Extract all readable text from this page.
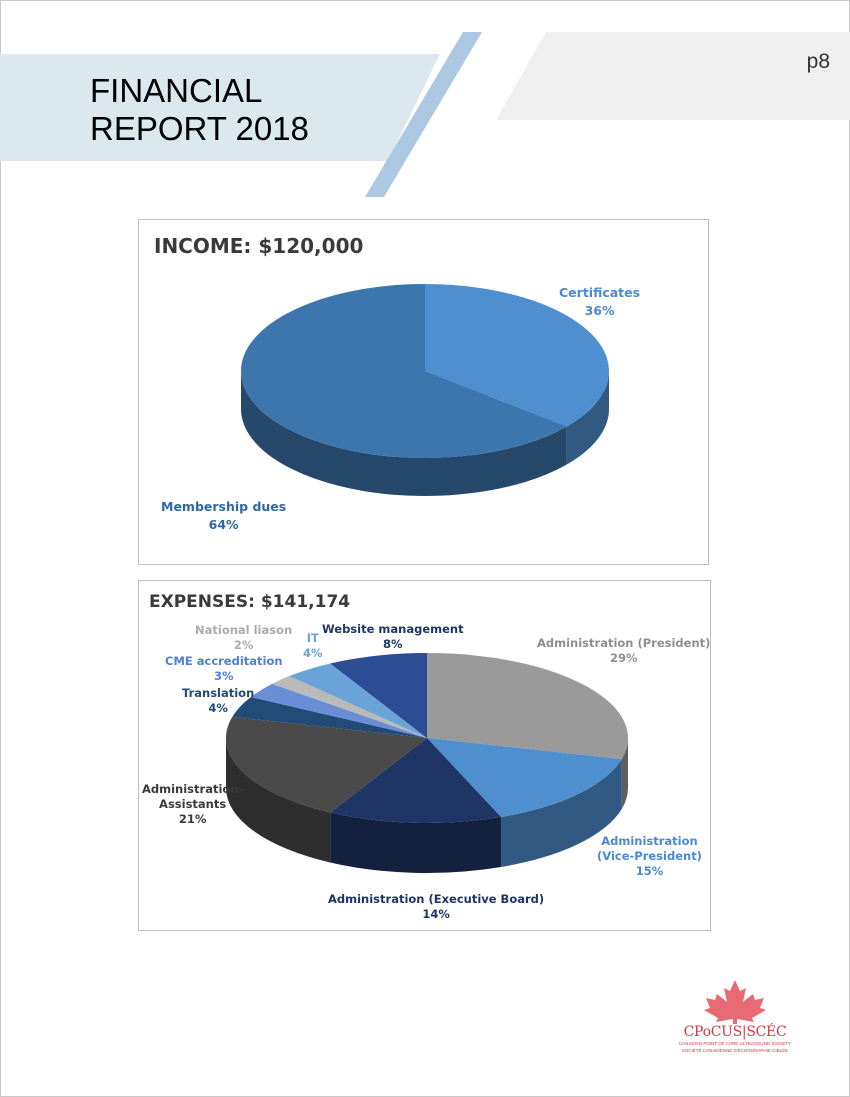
FINANCIAL
REPORT 2018
p8
INCOME: $120,000
Certificates
36%
Membership dues
64%
EXPENSES: $141,174
Administration (President)
29%
Administration
(Vice-President)
15%
Administration (Executive Board)
14%
Administration-
Assistants
21%
Translation
4%
CME accreditation
3%
National liason
2%	IT
4%
Website management
8%
CPoCUS|SCÉC
CANADIAN POINT OF CARE ULTRASOUND SOCIETY
SOCIÉTÉ CANADIENNE D'ÉCHOGRAPHIE CIBLÉE
